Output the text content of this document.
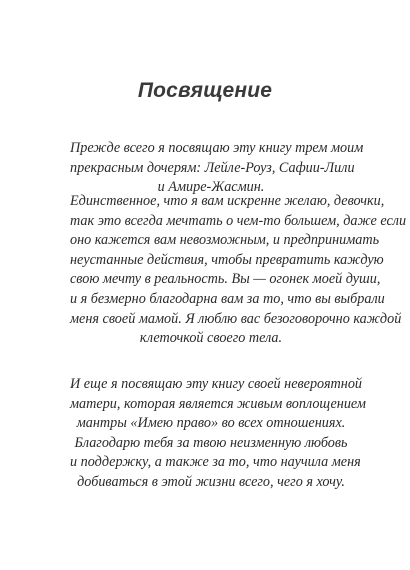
Посвящение
Прежде всего я посвящаю эту книгу трем моим
прекрасным дочерям: Лейле-Роуз, Сафии-Лили
и Амире-Жасмин.
Единственное, что я вам искренне желаю, девочки,
так это всегда мечтать о чем-то большем, даже если
оно кажется вам невозможным, и предпринимать
неустанные действия, чтобы превратить каждую
свою мечту в реальность. Вы — огонек моей души,
и я безмерно благодарна вам за то, что вы выбрали
меня своей мамой. Я люблю вас безоговорочно каждой
клеточкой своего тела.
И еще я посвящаю эту книгу своей невероятной
матери, которая является живым воплощением
мантры «Имею право» во всех отношениях.
Благодарю тебя за твою неизменную любовь
и поддержку, а также за то, что научила меня
добиваться в этой жизни всего, чего я хочу.
